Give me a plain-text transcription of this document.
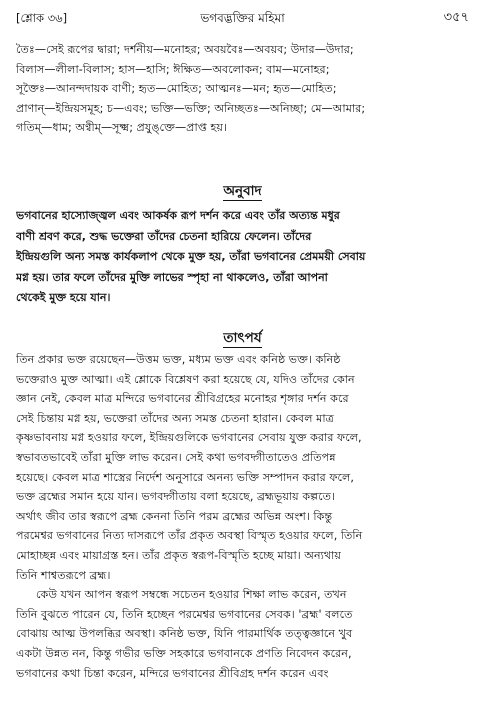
[শ্লোক ৩৬]	ভগবদ্ভক্তির মহিমা	৩৫৭

তৈঃ—সেই রূপের দ্বারা; দর্শনীয়—মনোহর; অবয়বৈঃ—অবয়ব; উদার—উদার;

বিলাস—লীলা-বিলাস; হাস—হাসি; ঈক্ষিত—অবলোকন; বাম—মনোহর;

সূক্তৈঃ—আনন্দদায়ক বাণী; হৃত—মোহিত; আত্মনঃ—মন; হৃত—মোহিত;

প্রাণান্—ইন্দ্রিয়সমূহ; চ—এবং; ভক্তি—ভক্তি; অনিচ্ছতঃ—অনিচ্ছা; মে—আমার;

গতিম্—ধাম; অণ্বীম্—সূক্ষ্ম; প্রযুঙ্‌ক্তে—প্রাপ্ত হয়।

অনুবাদ

ভগবানের হাস্যোজ্জ্বল এবং আকর্ষক রূপ দর্শন করে এবং তাঁর অত্যন্ত মধুর

বাণী শ্রবণ করে, শুদ্ধ ভক্তেরা তাঁদের চেতনা হারিয়ে ফেলেন। তাঁদের

ইন্দ্রিয়গুলি অন্য সমস্ত কার্যকলাপ থেকে মুক্ত হয়, তাঁরা ভগবানের প্রেমময়ী সেবায়

মগ্ন হয়। তার ফলে তাঁদের মুক্তি লাভের স্পৃহা না থাকলেও, তাঁরা আপনা

থেকেই মুক্ত হয়ে যান।

তাৎপর্য

তিন প্রকার ভক্ত রয়েছেন—উত্তম ভক্ত, মধ্যম ভক্ত এবং কনিষ্ঠ ভক্ত। কনিষ্ঠ

ভক্তেরাও মুক্ত আত্মা। এই শ্লোকে বিশ্লেষণ করা হয়েছে যে, যদিও তাঁদের কোন

জ্ঞান নেই, কেবল মাত্র মন্দিরে ভগবানের শ্রীবিগ্রহের মনোহর শৃঙ্গার দর্শন করে

সেই চিন্তায় মগ্ন হয়, ভক্তেরা তাঁদের অন্য সমস্ত চেতনা হারান। কেবল মাত্র

কৃষ্ণভাবনায় মগ্ন হওয়ার ফলে, ইন্দ্রিয়গুলিকে ভগবানের সেবায় যুক্ত করার ফলে,

স্বভাবতভাবেই তাঁরা মুক্তি লাভ করেন। সেই কথা ভগবদ্গীতাতেও প্রতিপন্ন

হয়েছে। কেবল মাত্র শাস্ত্রের নির্দেশ অনুসারে অনন্য ভক্তি সম্পাদন করার ফলে,

ভক্ত ব্রহ্মের সমান হয়ে যান। ভগবদ্গীতায় বলা হয়েছে, ব্রহ্মভূয়ায় কল্পতে।

অর্থাৎ জীব তার স্বরূপে ব্রহ্ম কেননা তিনি পরম ব্রহ্মের অভিন্ন অংশ। কিন্তু

পরমেশ্বর ভগবানের নিত্য দাসরূপে তাঁর প্রকৃত অবস্থা বিস্মৃত হওয়ার ফলে, তিনি

মোহাচ্ছন্ন এবং মায়াগ্রস্ত হন। তাঁর প্রকৃত স্বরূপ-বিস্মৃতি হচ্ছে মায়া। অন্যথায়

তিনি শাশ্বতরূপে ব্রহ্ম।

কেউ যখন আপন স্বরূপ সম্বন্ধে সচেতন হওয়ার শিক্ষা লাভ করেন, তখন

তিনি বুঝতে পারেন যে, তিনি হচ্ছেন পরমেশ্বর ভগবানের সেবক। 'ব্রহ্ম' বলতে

বোঝায় আত্ম উপলব্ধির অবস্থা। কনিষ্ঠ ভক্ত, যিনি পারমার্থিক তত্ত্বজ্ঞানে খুব

একটা উন্নত নন, কিন্তু গভীর ভক্তি সহকারে ভগবানকে প্রণতি নিবেদন করেন,

ভগবানের কথা চিন্তা করেন, মন্দিরে ভগবানের শ্রীবিগ্রহ দর্শন করেন এবং
